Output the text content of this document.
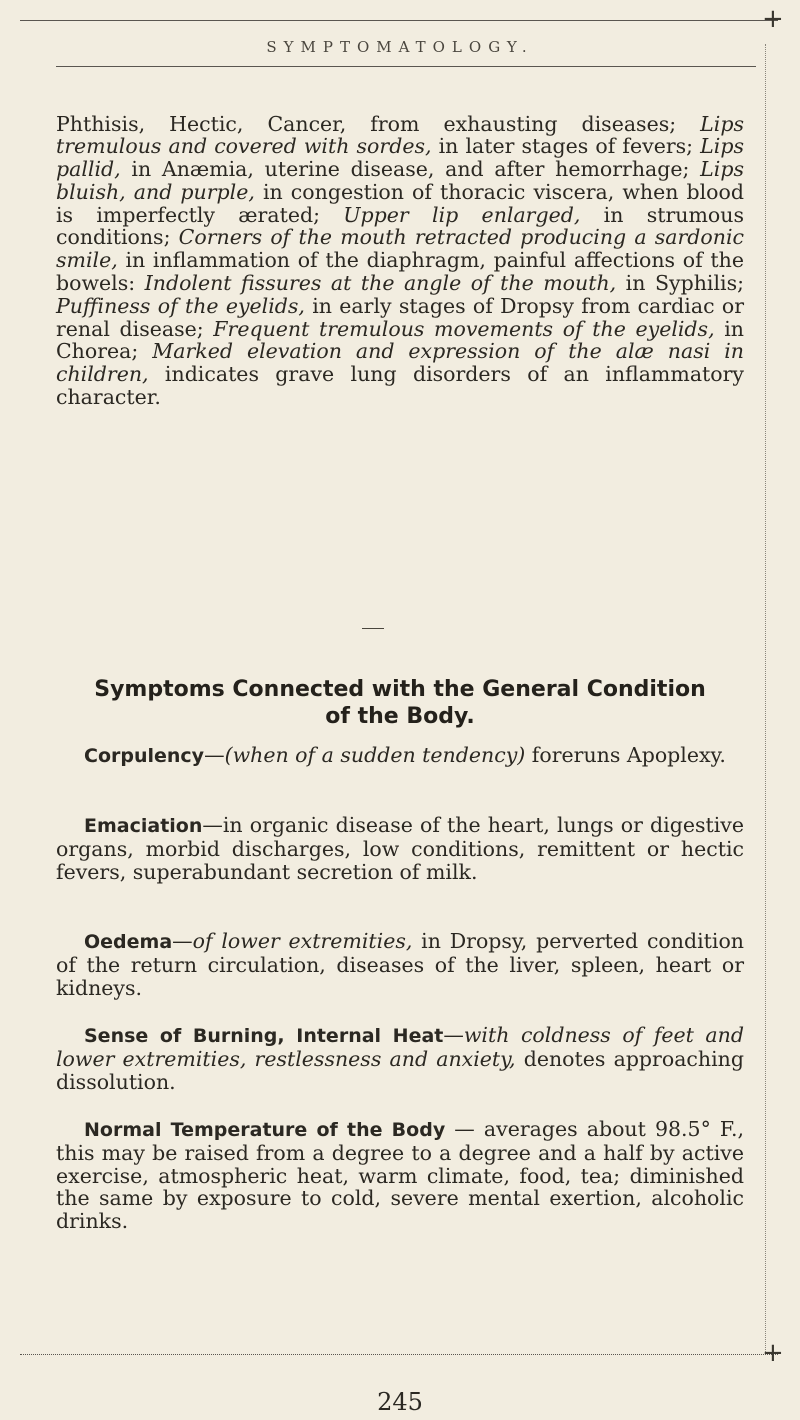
+
SYMPTOMATOLOGY.

Phthisis, Hectic, Cancer, from exhausting diseases; Lips tremulous and covered with sordes, in later stages of fevers; Lips pallid, in Anæmia, uterine disease, and after hemorrhage; Lips bluish, and purple, in congestion of thoracic viscera, when blood is imperfectly ærated; Upper lip enlarged, in strumous conditions; Corners of the mouth retracted producing a sardonic smile, in inflammation of the diaphragm, painful affections of the bowels: Indolent fissures at the angle of the mouth, in Syphilis; Puffiness of the eyelids, in early stages of Dropsy from cardiac or renal disease; Frequent tremulous movements of the eyelids, in Chorea; Marked elevation and expression of the alæ nasi in children, indicates grave lung disorders of an inflammatory character.

Symptoms Connected with the General Condition
of the Body.

Corpulency—(when of a sudden tendency) foreruns Apoplexy.

Emaciation—in organic disease of the heart, lungs or digestive organs, morbid discharges, low conditions, remittent or hectic fevers, superabundant secretion of milk.

Oedema—of lower extremities, in Dropsy, perverted condition of the return circulation, diseases of the liver, spleen, heart or kidneys.

Sense of Burning, Internal Heat—with coldness of feet and lower extremities, restlessness and anxiety, denotes approaching dissolution.

Normal Temperature of the Body — averages about 98.5° F., this may be raised from a degree to a degree and a half by active exercise, atmospheric heat, warm climate, food, tea; diminished the same by exposure to cold, severe mental exertion, alcoholic drinks.

+
245
